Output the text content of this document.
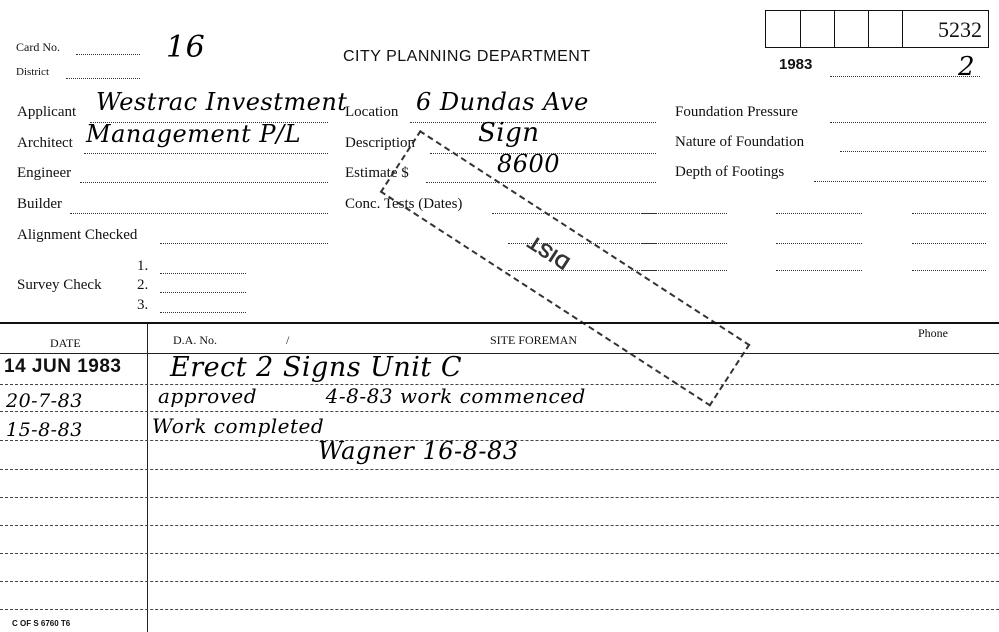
Card No.	16
District
CITY PLANNING DEPARTMENT
5232
1983	2
Applicant Westrac Investment
Architect Management P/L
Engineer
Builder
Alignment Checked
Survey Check
1.
2.
3.
Location 6 Dundas Ave
Description Sign
Estimate $	8600
Conc. Tests (Dates)
Foundation Pressure
Nature of Foundation
Depth of Footings
DIST
DATE	D.A. No.	/	SITE FOREMAN	Phone
14 JUN 1983 Erect 2 Signs Unit C
20-7-83	approved          4-8-83 work commenced
15-8-83	Work completed
Wagner 16-8-83
C OF S 6760 T6
